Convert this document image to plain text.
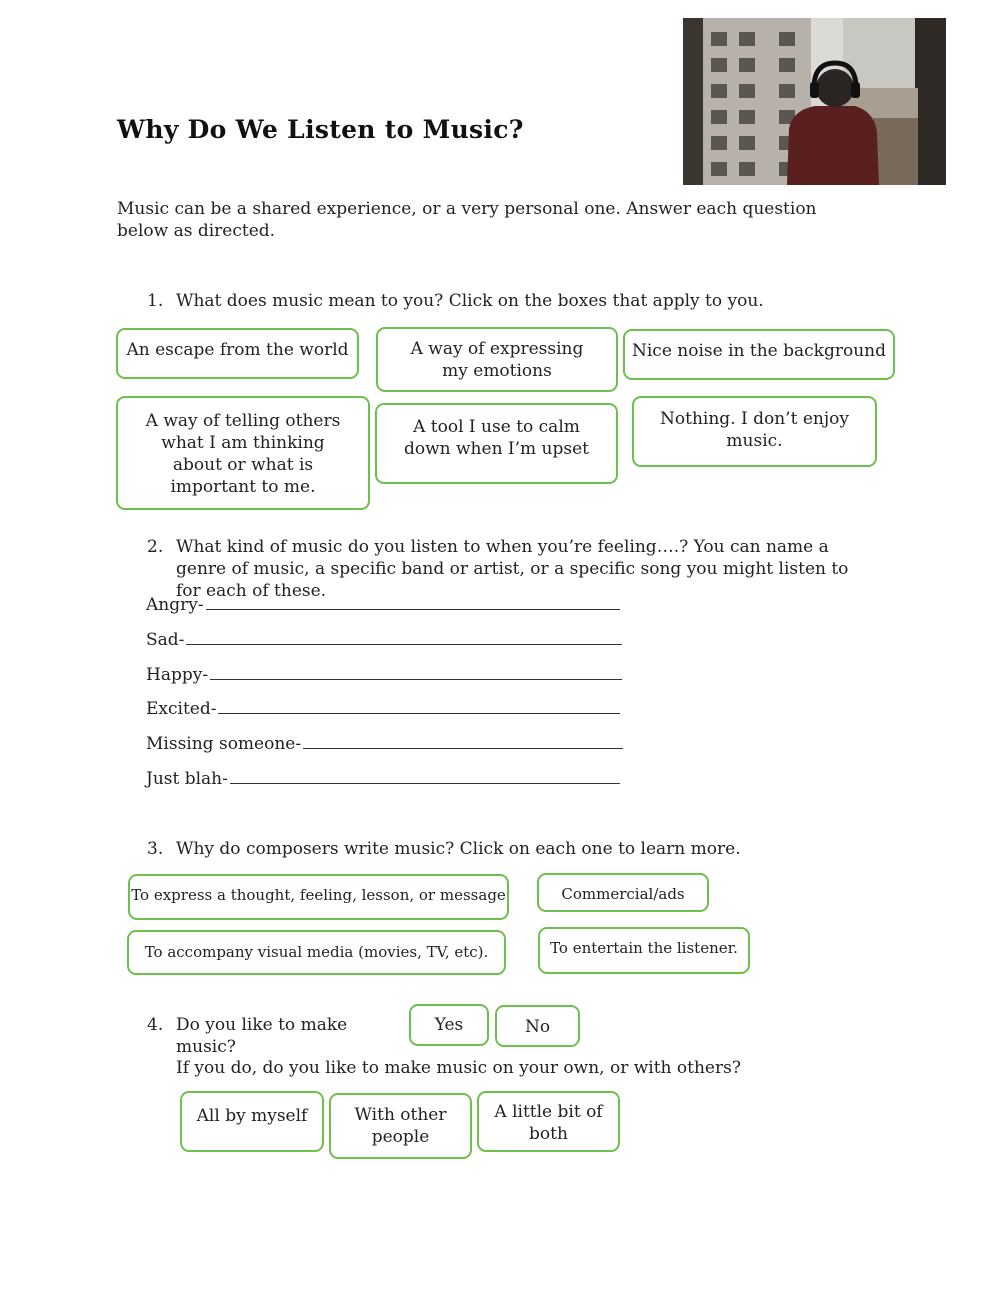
Why Do We Listen to Music?
Music can be a shared experience, or a very personal one. Answer each question below as directed.
1. What does music mean to you? Click on the boxes that apply to you.
An escape from the world	A way of expressing my emotions
Nice noise in the background
A way of telling others what I am thinking about or what is important to me.
A tool I use to calm down when I’m upset
Nothing. I don’t enjoy music.
2. What kind of music do you listen to when you’re feeling….? You can name a genre of music, a specific band or artist, or a specific song you might listen to for each of these.
Angry-
Sad-
Happy-
Excited-
Missing someone-
Just blah-
3. Why do composers write music? Click on each one to learn more.
To express a thought, feeling, lesson, or message	Commercial/ads
To accompany visual media (movies, TV, etc).	To entertain the listener.
4. Do you like to make music?
Yes	No
If you do, do you like to make music on your own, or with others?
All by myself	With other people
A little bit of both
